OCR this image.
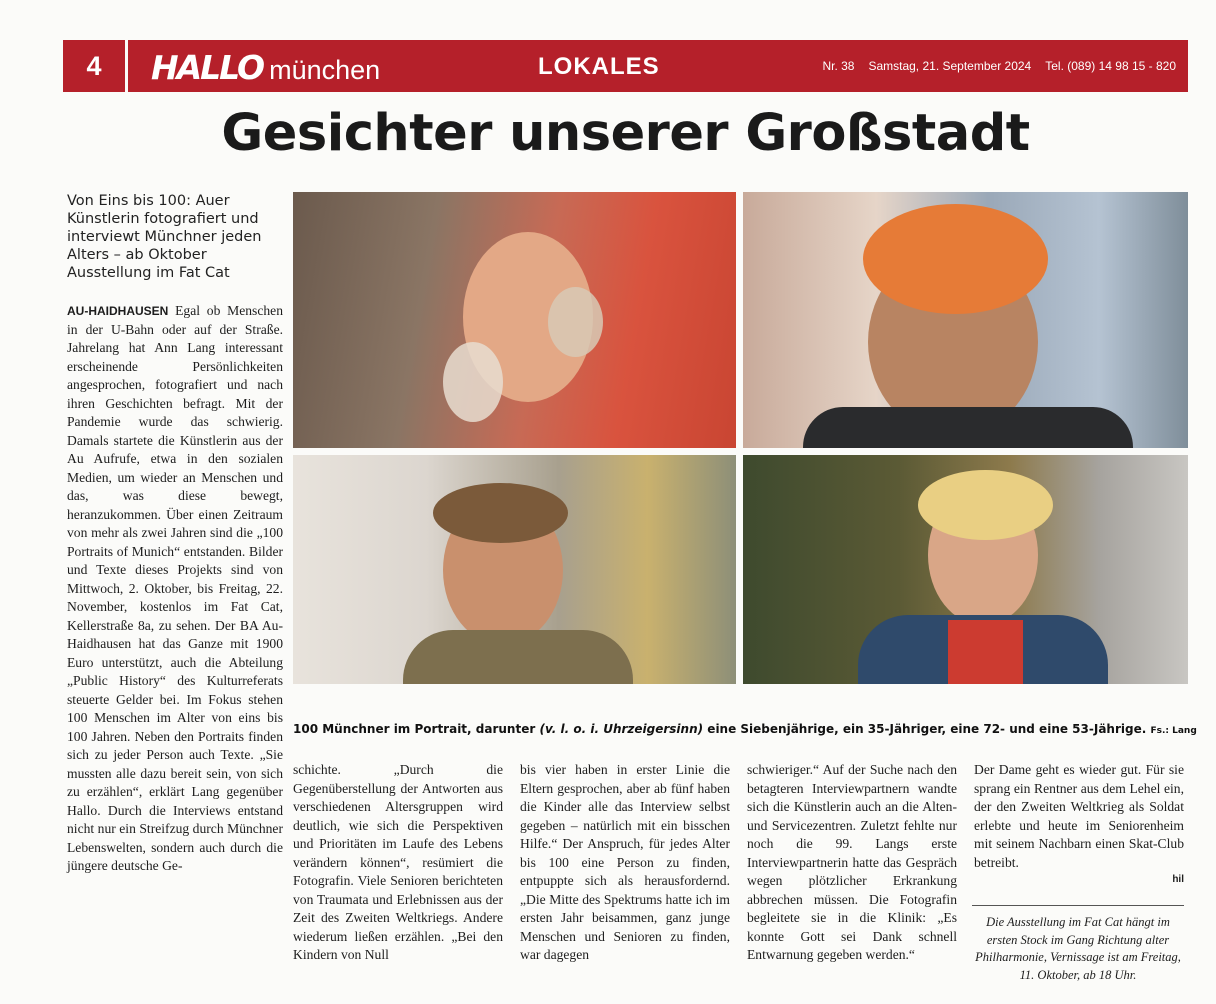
4	HALLO münchen	LOKALES	Nr. 38 Samstag, 21. September 2024 Tel. (089) 14 98 15 - 820
Gesichter unserer Großstadt
Von Eins bis 100: Auer Künstlerin fotografiert und interviewt Münchner jeden Alters – ab Oktober Ausstellung im Fat Cat
AU-HAIDHAUSEN Egal ob Menschen in der U-Bahn oder auf der Straße. Jahrelang hat Ann Lang interessant erscheinende Persönlichkeiten angesprochen, fotografiert und nach ihren Geschichten befragt. Mit der Pandemie wurde das schwierig. Damals startete die Künstlerin aus der Au Aufrufe, etwa in den sozialen Medien, um wieder an Menschen und das, was diese bewegt, heranzukommen. Über einen Zeitraum von mehr als zwei Jahren sind die „100 Portraits of Munich“ entstanden. Bilder und Texte dieses Projekts sind von Mittwoch, 2. Oktober, bis Freitag, 22. November, kostenlos im Fat Cat, Kellerstraße 8a, zu sehen. Der BA Au-Haidhausen hat das Ganze mit 1900 Euro unterstützt, auch die Abteilung „Public History“ des Kulturreferats steuerte Gelder bei. Im Fokus stehen 100 Menschen im Alter von eins bis 100 Jahren. Neben den Portraits finden sich zu jeder Person auch Texte. „Sie mussten alle dazu bereit sein, von sich zu erzählen“, erklärt Lang gegenüber Hallo. Durch die Interviews entstand nicht nur ein Streifzug durch Münchner Lebenswelten, sondern auch durch die jüngere deutsche Ge-
100 Münchner im Portrait, darunter (v. l. o. i. Uhrzeigersinn) eine Siebenjährige, ein 35-Jähriger, eine 72- und eine 53-Jährige. Fs.: Lang
schichte. „Durch die Gegenüberstellung der Antworten aus verschiedenen Altersgruppen wird deutlich, wie sich die Perspektiven und Prioritäten im Laufe des Lebens verändern können“, resümiert die Fotografin. Viele Senioren berichteten von Traumata und Erlebnissen aus der Zeit des Zweiten Weltkriegs. Andere wiederum ließen erzählen. „Bei den Kindern von Null
bis vier haben in erster Linie die Eltern gesprochen, aber ab fünf haben die Kinder alle das Interview selbst gegeben – natürlich mit ein bisschen Hilfe.“ Der Anspruch, für jedes Alter bis 100 eine Person zu finden, entpuppte sich als herausfordernd. „Die Mitte des Spektrums hatte ich im ersten Jahr beisammen, ganz junge Menschen und Senioren zu finden, war dagegen
schwieriger.“ Auf der Suche nach den betagteren Interviewpartnern wandte sich die Künstlerin auch an die Alten- und Servicezentren. Zuletzt fehlte nur noch die 99. Langs erste Interviewpartnerin hatte das Gespräch wegen plötzlicher Erkrankung abbrechen müssen. Die Fotografin begleitete sie in die Klinik: „Es konnte Gott sei Dank schnell Entwarnung gegeben werden.“
Der Dame geht es wieder gut. Für sie sprang ein Rentner aus dem Lehel ein, der den Zweiten Weltkrieg als Soldat erlebte und heute im Seniorenheim mit seinem Nachbarn einen Skat-Club betreibt.
hil
Die Ausstellung im Fat Cat hängt im ersten Stock im Gang Richtung alter Philharmonie, Vernissage ist am Freitag, 11. Oktober, ab 18 Uhr.
